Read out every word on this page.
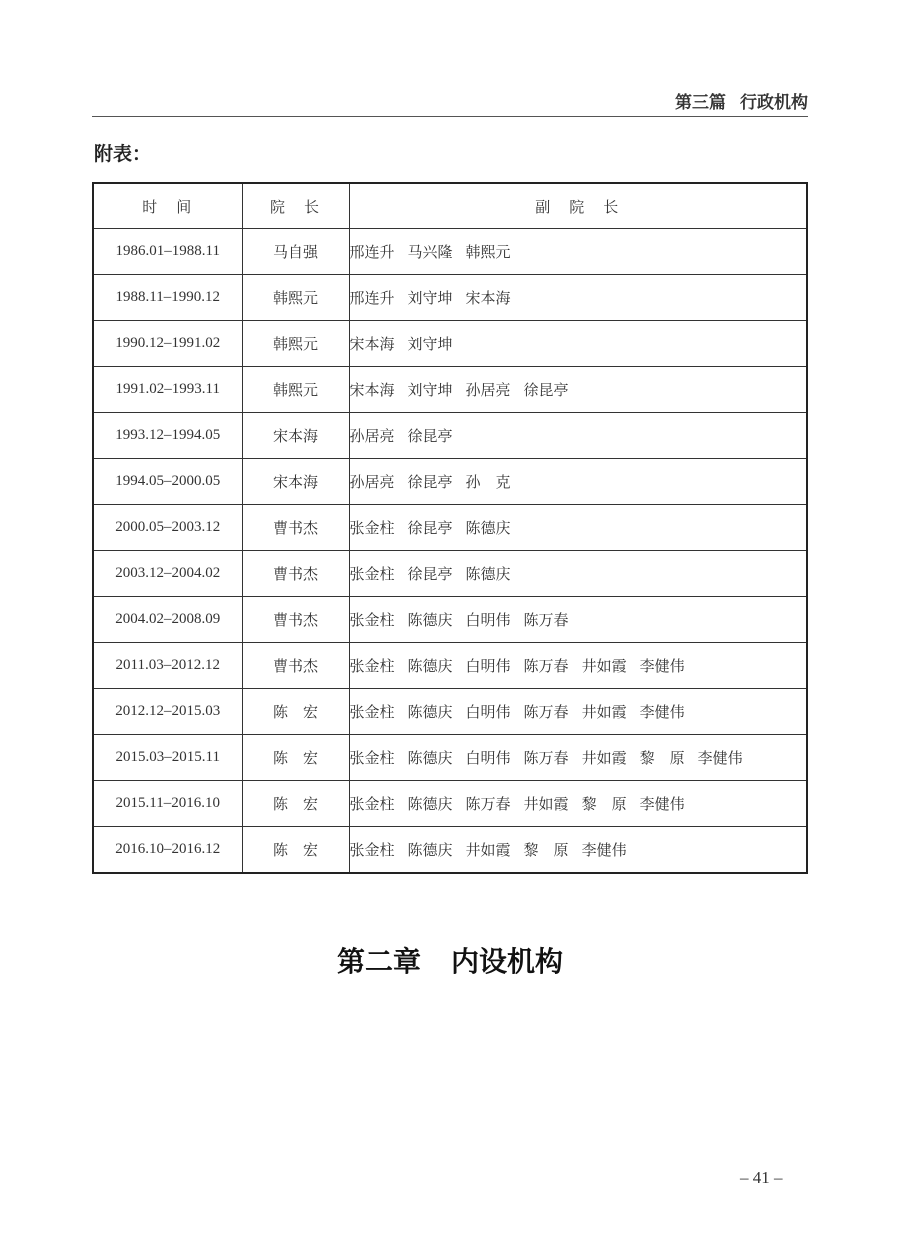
第三篇 行政机构
附表：
时　间	院　长	副　院　长
1986.01–1988.11	马自强	邢连升 马兴隆 韩熙元
1988.11–1990.12	韩熙元	邢连升 刘守坤 宋本海
1990.12–1991.02	韩熙元	宋本海 刘守坤
1991.02–1993.11	韩熙元	宋本海 刘守坤 孙居亮 徐昆亭
1993.12–1994.05	宋本海	孙居亮 徐昆亭
1994.05–2000.05	宋本海	孙居亮 徐昆亭 孙　克
2000.05–2003.12	曹书杰	张金柱 徐昆亭 陈德庆
2003.12–2004.02	曹书杰	张金柱 徐昆亭 陈德庆
2004.02–2008.09	曹书杰	张金柱 陈德庆 白明伟 陈万春
2011.03–2012.12	曹书杰	张金柱 陈德庆 白明伟 陈万春 井如霞 李健伟
2012.12–2015.03	陈　宏	张金柱 陈德庆 白明伟 陈万春 井如霞 李健伟
2015.03–2015.11	陈　宏	张金柱 陈德庆 白明伟 陈万春 井如霞 黎　原 李健伟
2015.11–2016.10	陈　宏	张金柱 陈德庆 陈万春 井如霞 黎　原 李健伟
2016.10–2016.12	陈　宏	张金柱 陈德庆 井如霞 黎　原 李健伟
第二章 内设机构
– 41 –
